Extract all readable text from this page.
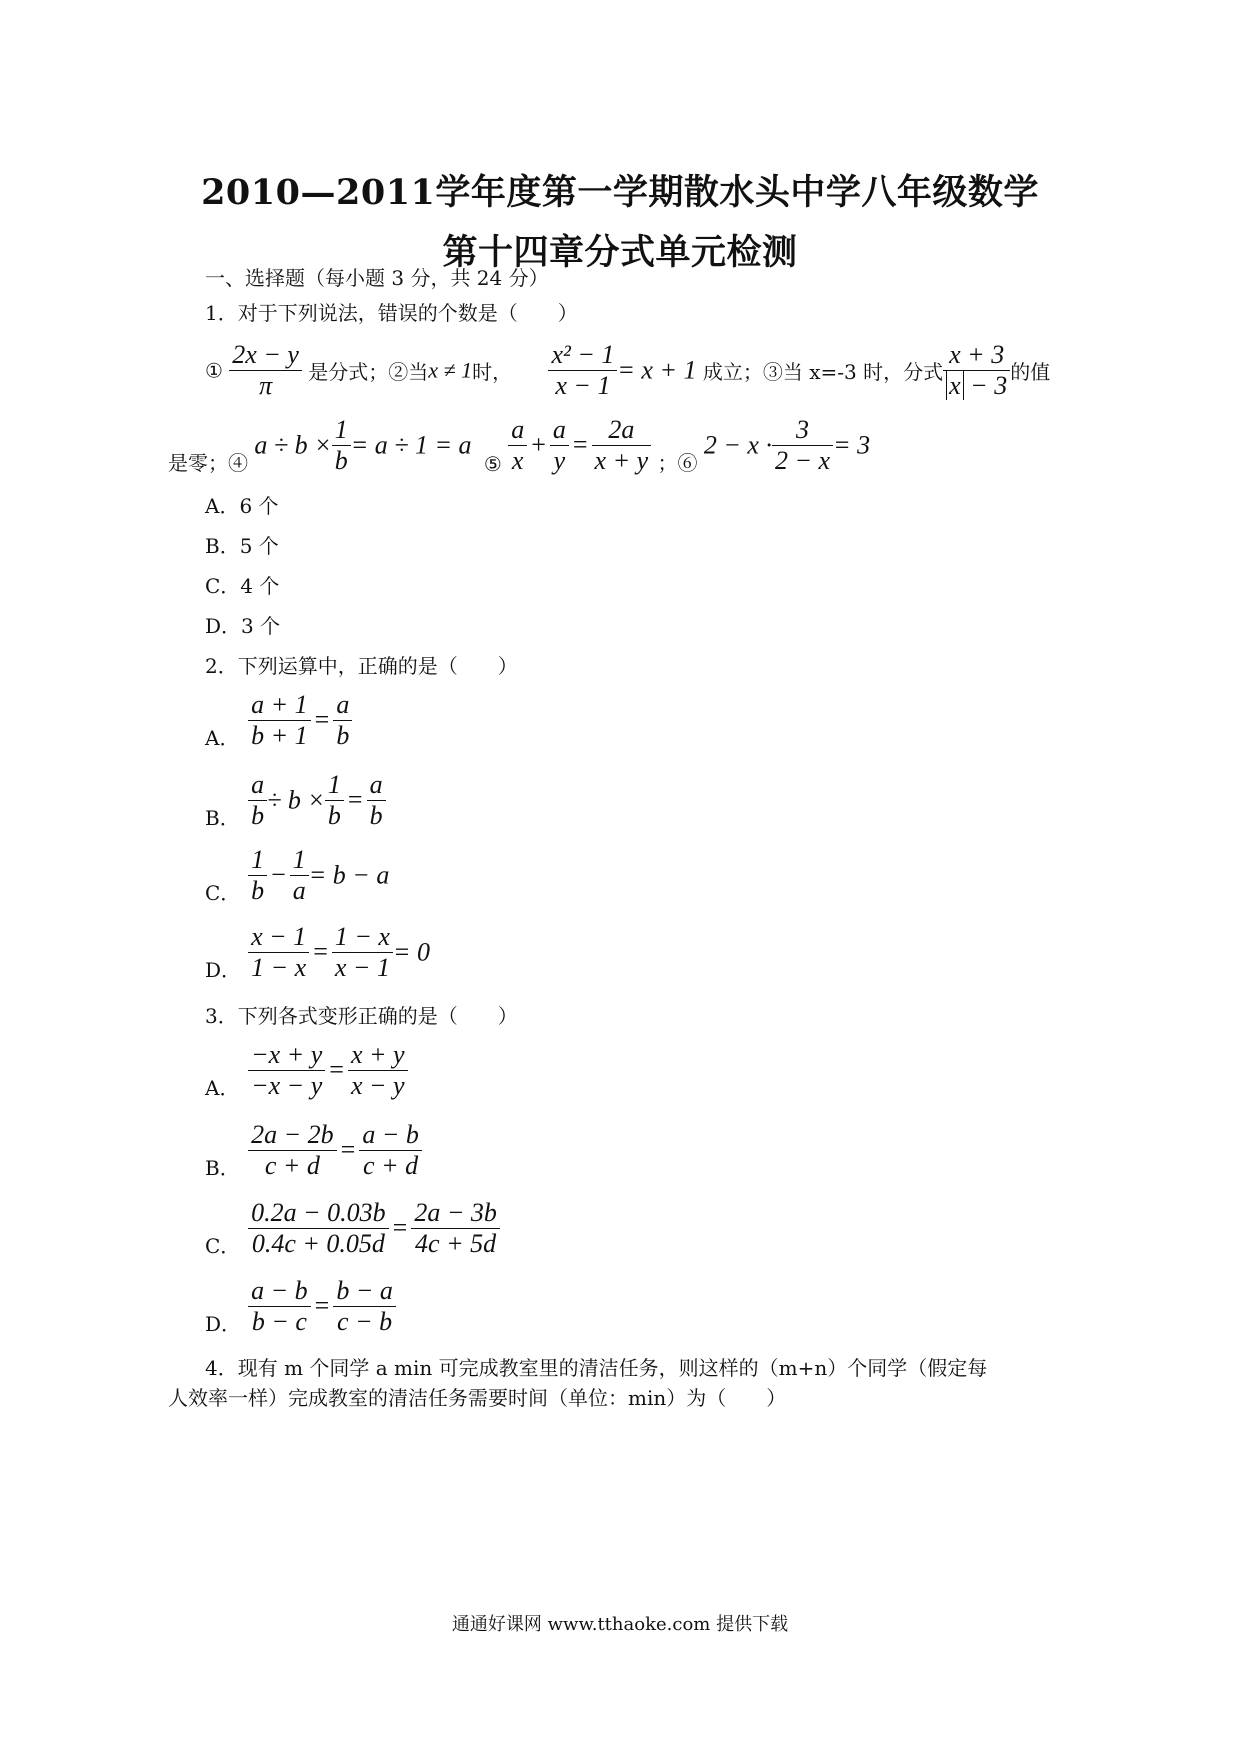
2010—2011学年度第一学期散水头中学八年级数学
第十四章分式单元检测
一、选择题（每小题 3 分，共 24 分）
1．对于下列说法，错误的个数是（　　）
① $\frac{2x - y}{\pi}$ 是分式；②当x ≠ 1时， $\frac{\text{x² − 1}}{x - 1} = x + 1$ 成立；③当 x=-3 时，分式 $\frac{x + 3}{x - 3}$ 的值
是零；④ $a \div b \times \frac{1}{b} = a \div 1 = a$ ⑤ $\frac{a}{x} + \frac{a}{y} = \frac{2a}{x + y}$ ；⑥ $2 - x \cdot \frac{3}{2 - x} = 3$
A．6 个
B．5 个
C．4 个
D．3 个
2．下列运算中，正确的是（　　）
A． $\frac{a + 1}{b + 1} = \frac{a}{b}$
B． $\frac{a}{b} \div b \times \frac{1}{b} = \frac{a}{b}$
C． $\frac{1}{b} - \frac{1}{a} = b - a$
D． $\frac{x - 1}{1 - x} = \frac{1 - x}{x - 1} = 0$
3．下列各式变形正确的是（　　）
A． $\frac{-x + y}{-x - y} = \frac{x + y}{x - y}$
B． $\frac{2a - 2b}{c + d} = \frac{a - b}{c + d}$
C． $\frac{0.2a - 0.03b}{0.4c + 0.05d} = \frac{2a - 3b}{4c + 5d}$
D． $\frac{a - b}{b - c} = \frac{b - a}{c - b}$
4．现有 m 个同学 a min 可完成教室里的清洁任务，则这样的（m+n）个同学（假定每
人效率一样）完成教室的清洁任务需要时间（单位：min）为（　　）
通通好课网 www.tthaoke.com 提供下载
